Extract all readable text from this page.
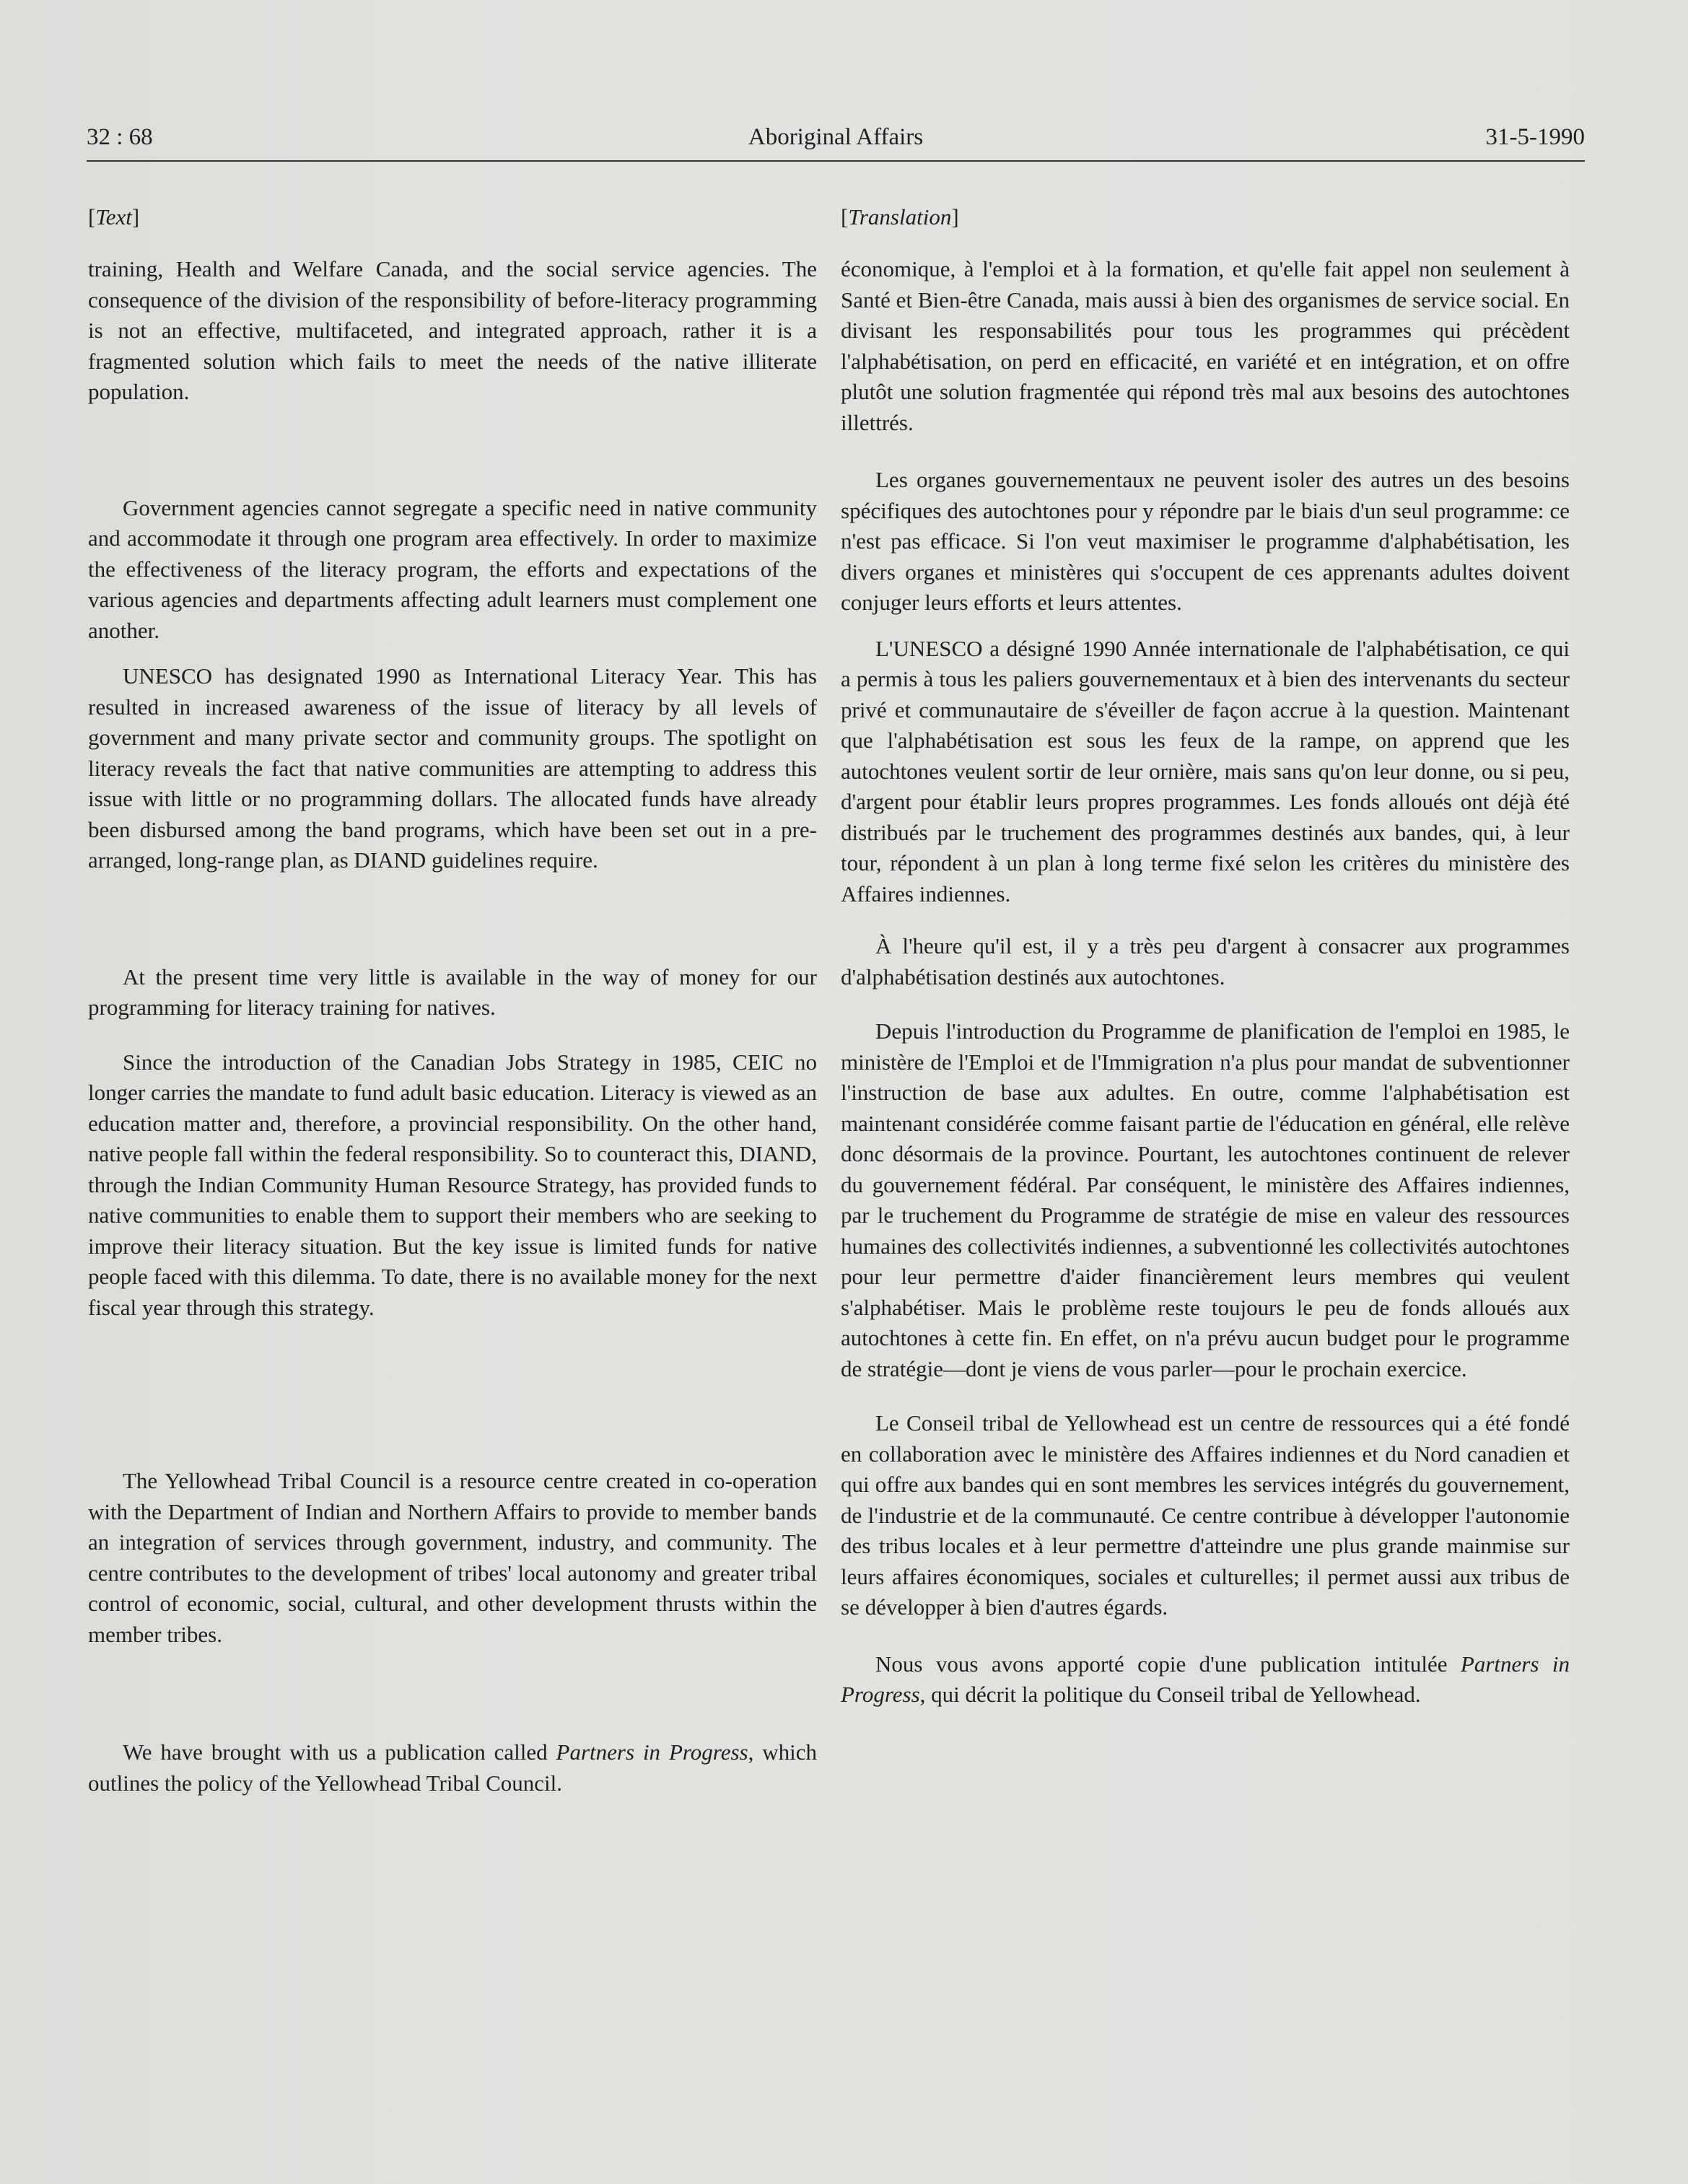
32 : 68	Aboriginal Affairs	31-5-1990
[Text]

training, Health and Welfare Canada, and the social service agencies. The consequence of the division of the responsibility of before-literacy programming is not an effective, multifaceted, and integrated approach, rather it is a fragmented solution which fails to meet the needs of the native illiterate population.

Government agencies cannot segregate a specific need in native community and accommodate it through one program area effectively. In order to maximize the effectiveness of the literacy program, the efforts and expectations of the various agencies and departments affecting adult learners must complement one another.

UNESCO has designated 1990 as International Literacy Year. This has resulted in increased awareness of the issue of literacy by all levels of government and many private sector and community groups. The spotlight on literacy reveals the fact that native communities are attempting to address this issue with little or no programming dollars. The allocated funds have already been disbursed among the band programs, which have been set out in a pre-arranged, long-range plan, as DIAND guidelines require.

At the present time very little is available in the way of money for our programming for literacy training for natives.

Since the introduction of the Canadian Jobs Strategy in 1985, CEIC no longer carries the mandate to fund adult basic education. Literacy is viewed as an education matter and, therefore, a provincial responsibility. On the other hand, native people fall within the federal responsibility. So to counteract this, DIAND, through the Indian Community Human Resource Strategy, has provided funds to native communities to enable them to support their members who are seeking to improve their literacy situation. But the key issue is limited funds for native people faced with this dilemma. To date, there is no available money for the next fiscal year through this strategy.

The Yellowhead Tribal Council is a resource centre created in co-operation with the Department of Indian and Northern Affairs to provide to member bands an integration of services through government, industry, and community. The centre contributes to the development of tribes' local autonomy and greater tribal control of economic, social, cultural, and other development thrusts within the member tribes.

We have brought with us a publication called Partners in Progress, which outlines the policy of the Yellowhead Tribal Council.

[Translation]

économique, à l'emploi et à la formation, et qu'elle fait appel non seulement à Santé et Bien-être Canada, mais aussi à bien des organismes de service social. En divisant les responsabilités pour tous les programmes qui précèdent l'alphabétisation, on perd en efficacité, en variété et en intégration, et on offre plutôt une solution fragmentée qui répond très mal aux besoins des autochtones illettrés.

Les organes gouvernementaux ne peuvent isoler des autres un des besoins spécifiques des autochtones pour y répondre par le biais d'un seul programme: ce n'est pas efficace. Si l'on veut maximiser le programme d'alphabétisation, les divers organes et ministères qui s'occupent de ces apprenants adultes doivent conjuger leurs efforts et leurs attentes.

L'UNESCO a désigné 1990 Année internationale de l'alphabétisation, ce qui a permis à tous les paliers gouvernementaux et à bien des intervenants du secteur privé et communautaire de s'éveiller de façon accrue à la question. Maintenant que l'alphabétisation est sous les feux de la rampe, on apprend que les autochtones veulent sortir de leur ornière, mais sans qu'on leur donne, ou si peu, d'argent pour établir leurs propres programmes. Les fonds alloués ont déjà été distribués par le truchement des programmes destinés aux bandes, qui, à leur tour, répondent à un plan à long terme fixé selon les critères du ministère des Affaires indiennes.

À l'heure qu'il est, il y a très peu d'argent à consacrer aux programmes d'alphabétisation destinés aux autochtones.

Depuis l'introduction du Programme de planification de l'emploi en 1985, le ministère de l'Emploi et de l'Immigration n'a plus pour mandat de subventionner l'instruction de base aux adultes. En outre, comme l'alphabétisation est maintenant considérée comme faisant partie de l'éducation en général, elle relève donc désormais de la province. Pourtant, les autochtones continuent de relever du gouvernement fédéral. Par conséquent, le ministère des Affaires indiennes, par le truchement du Programme de stratégie de mise en valeur des ressources humaines des collectivités indiennes, a subventionné les collectivités autochtones pour leur permettre d'aider financièrement leurs membres qui veulent s'alphabétiser. Mais le problème reste toujours le peu de fonds alloués aux autochtones à cette fin. En effet, on n'a prévu aucun budget pour le programme de stratégie—dont je viens de vous parler—pour le prochain exercice.

Le Conseil tribal de Yellowhead est un centre de ressources qui a été fondé en collaboration avec le ministère des Affaires indiennes et du Nord canadien et qui offre aux bandes qui en sont membres les services intégrés du gouvernement, de l'industrie et de la communauté. Ce centre contribue à développer l'autonomie des tribus locales et à leur permettre d'atteindre une plus grande mainmise sur leurs affaires économiques, sociales et culturelles; il permet aussi aux tribus de se développer à bien d'autres égards.

Nous vous avons apporté copie d'une publication intitulée Partners in Progress, qui décrit la politique du Conseil tribal de Yellowhead.
